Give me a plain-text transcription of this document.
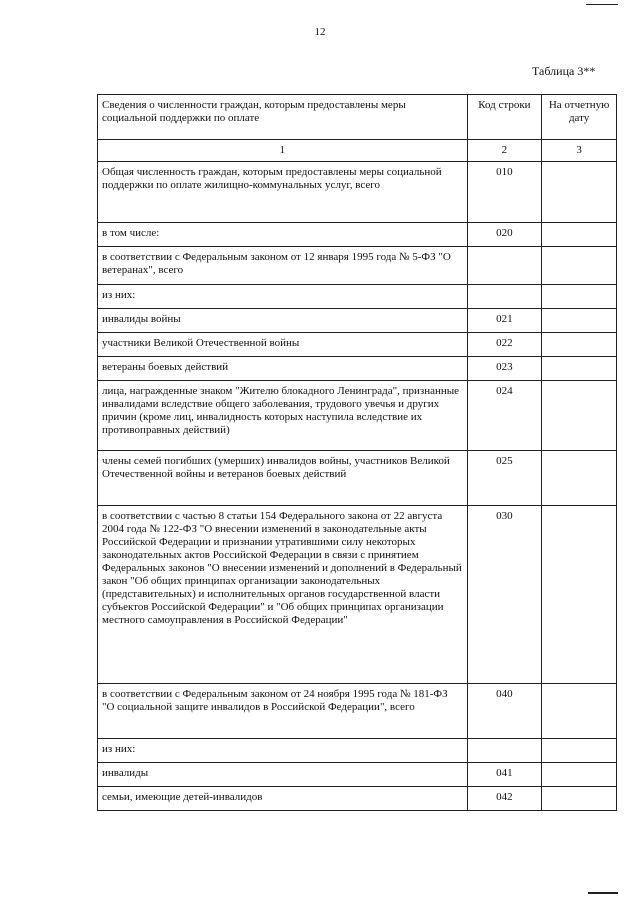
12
Таблица 3**
Сведения о численности граждан, которым предоставлены меры социальной поддержки по оплате	Код строки	На отчетную дату
1	2	3
Общая численность граждан, которым предоставлены меры социальной поддержки по оплате жилищно-коммунальных услуг, всего	010	
в том числе:	020	
в соответствии с Федеральным законом от 12 января 1995 года № 5-ФЗ "О ветеранах", всего		
из них:		
инвалиды войны	021	
участники Великой Отечественной войны	022	
ветераны боевых действий	023	
лица, награжденные знаком "Жителю блокадного Ленинграда", признанные инвалидами вследствие общего заболевания, трудового увечья и других причин (кроме лиц, инвалидность которых наступила вследствие их противоправных действий)	024	
члены семей погибших (умерших) инвалидов войны, участников Великой Отечественной войны и ветеранов боевых действий	025	
в соответствии с частью 8 статьи 154 Федерального закона от 22 августа 2004 года № 122-ФЗ "О внесении изменений в законодательные акты Российской Федерации и признании утратившими силу некоторых законодательных актов Российской Федерации в связи с принятием Федеральных законов "О внесении изменений и дополнений в Федеральный закон "Об общих принципах организации законодательных (представительных) и исполнительных органов государственной власти субъектов Российской Федерации" и "Об общих принципах организации местного самоуправления в Российской Федерации"	030	
в соответствии с Федеральным законом от 24 ноября 1995 года № 181-ФЗ "О социальной защите инвалидов в Российской Федерации", всего	040	
из них:		
инвалиды	041	
семьи, имеющие детей-инвалидов	042	
